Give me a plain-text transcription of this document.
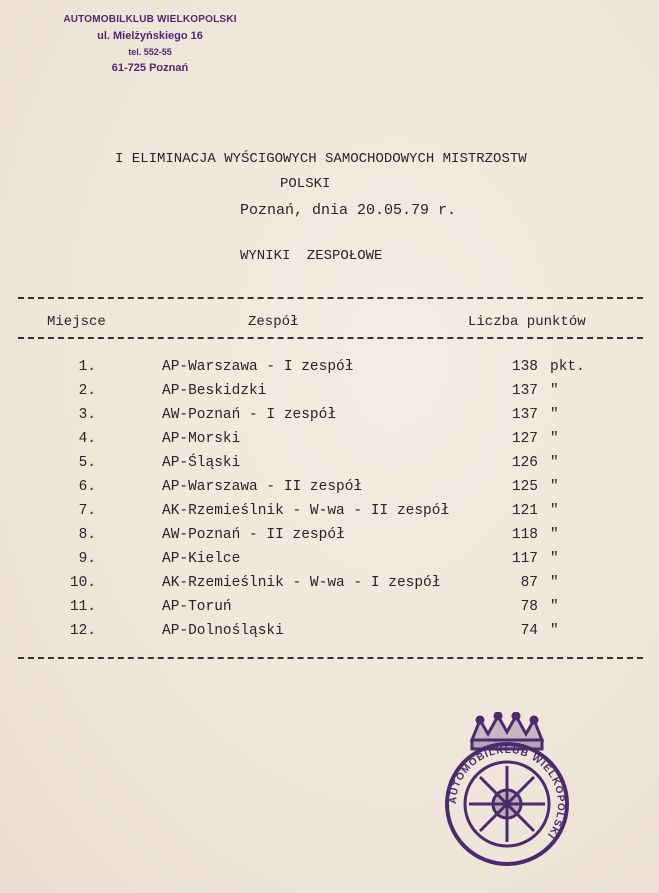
AUTOMOBILKLUB WIELKOPOLSKI
ul. Mielżyńskiego 16
tel. 552-55
61-725 Poznań
I ELIMINACJA WYŚCIGOWYCH SAMOCHODOWYCH MISTRZOSTW
POLSKI
Poznań, dnia 20.05.79 r.
WYNIKI ZESPOŁOWE
Miejsce	Zespół	Liczba punktów
1.	AP-Warszawa - I zespół	138 pkt.
2.	AP-Beskidzki	137 "
3.	AW-Poznań - I zespół	137 "
4.	AP-Morski	127 "
5.	AP-Śląski	126 "
6.	AP-Warszawa - II zespół	125 "
7.	AK-Rzemieślnik - W-wa - II zespół	121 "
8.	AW-Poznań - II zespół	118 "
9.	AP-Kielce	117 "
10.	AK-Rzemieślnik - W-wa - I zespół	87 "
11.	AP-Toruń	78 "
12.	AP-Dolnośląski	74 "
AUTOMOBILKLUB WIELKOPOLSKI
